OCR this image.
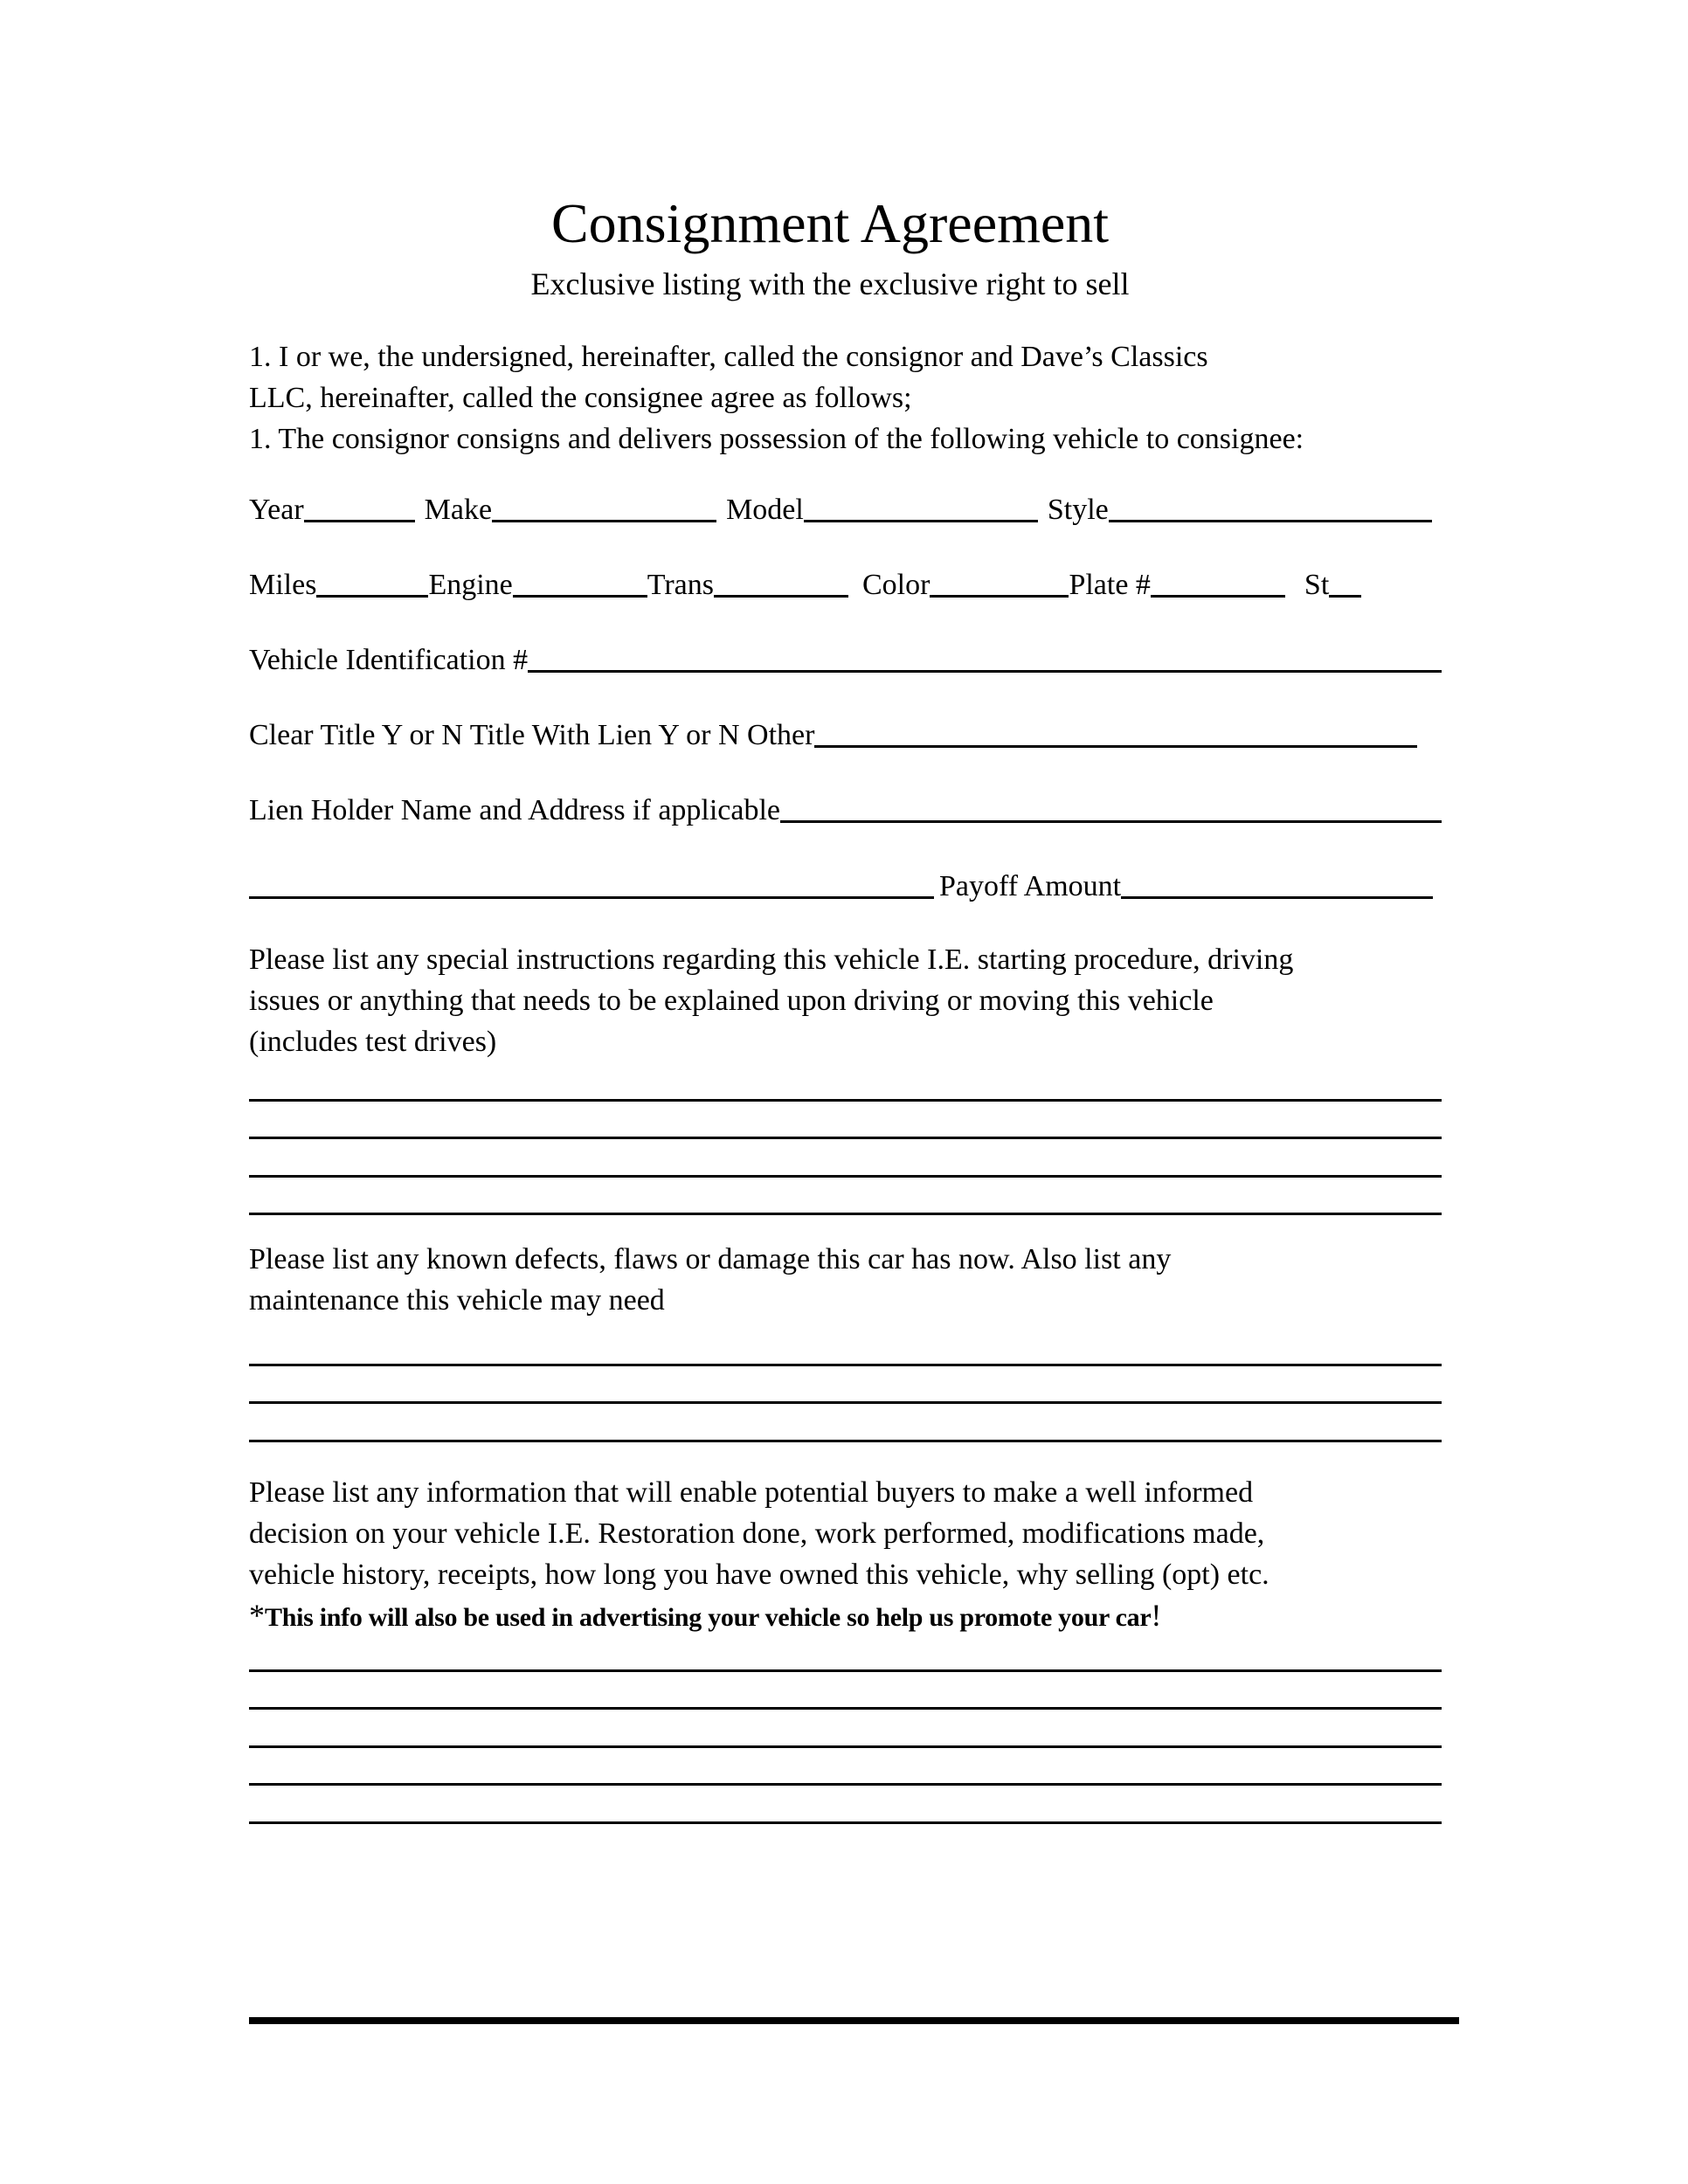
Consignment Agreement
Exclusive listing with the exclusive right to sell
1. I or we, the undersigned, hereinafter, called the consignor and Dave’s Classics
LLC, hereinafter, called the consignee agree as follows;
1. The consignor consigns and delivers possession of the following vehicle to consignee:
Year	Make	Model	Style
Miles	Engine	Trans	Color	Plate #	St
Vehicle Identification #
Clear Title Y or N Title With Lien Y or N Other
Lien Holder Name and Address if applicable
Payoff Amount
Please list any special instructions regarding this vehicle I.E. starting procedure, driving
issues or anything that needs to be explained upon driving or moving this vehicle
(includes test drives)
Please list any known defects, flaws or damage this car has now. Also list any
maintenance this vehicle may need
Please list any information that will enable potential buyers to make a well informed
decision on your vehicle I.E. Restoration done, work performed, modifications made,
vehicle history, receipts, how long you have owned this vehicle, why selling (opt) etc.
*This info will also be used in advertising your vehicle so help us promote your car!
